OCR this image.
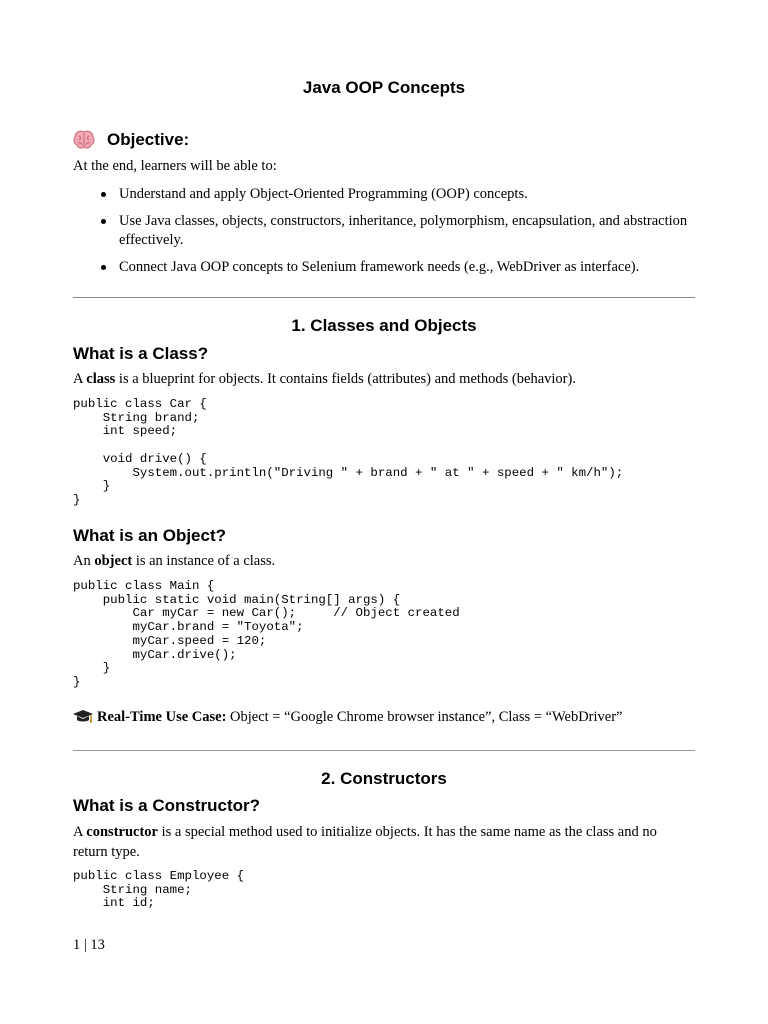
Java OOP Concepts
Objective:

At the end, learners will be able to:

Understand and apply Object-Oriented Programming (OOP) concepts.
Use Java classes, objects, constructors, inheritance, polymorphism, encapsulation, and abstraction effectively.
Connect Java OOP concepts to Selenium framework needs (e.g., WebDriver as interface).
1. Classes and Objects
What is a Class?

A class is a blueprint for objects. It contains fields (attributes) and methods (behavior).

public class Car {
String brand;
int speed;

void drive() {
System.out.println("Driving " + brand + " at " + speed + " km/h");
}
}
What is an Object?

An object is an instance of a class.

public class Main {
public static void main(String[] args) {
Car myCar = new Car();     // Object created
myCar.brand = "Toyota";
myCar.speed = 120;
myCar.drive();
}
}

Real-Time Use Case: Object = “Google Chrome browser instance”, Class = “WebDriver”

2. Constructors
What is a Constructor?

A constructor is a special method used to initialize objects. It has the same name as the class and no return type.

public class Employee {
String name;
int id;

1 | 13
